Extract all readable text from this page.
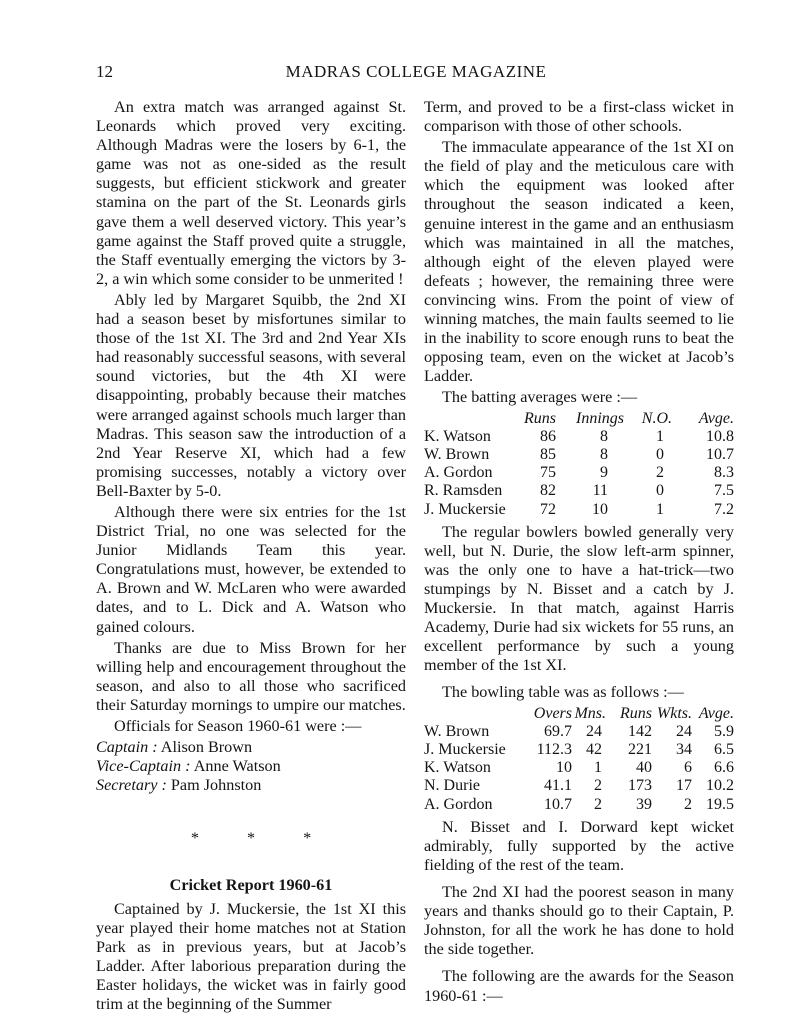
12	MADRAS COLLEGE MAGAZINE

An extra match was arranged against St. Leonards which proved very exciting. Although Madras were the losers by 6-1, the game was not as one-sided as the result suggests, but efficient stickwork and greater stamina on the part of the St. Leonards girls gave them a well deserved victory. This year’s game against the Staff proved quite a struggle, the Staff eventually emerging the victors by 3-2, a win which some consider to be unmerited !

Ably led by Margaret Squibb, the 2nd XI had a season beset by misfortunes similar to those of the 1st XI. The 3rd and 2nd Year XIs had reasonably successful seasons, with several sound victories, but the 4th XI were disappointing, probably because their matches were arranged against schools much larger than Madras. This season saw the introduction of a 2nd Year Reserve XI, which had a few promising successes, notably a victory over Bell-Baxter by 5-0.

Although there were six entries for the 1st District Trial, no one was selected for the Junior Midlands Team this year. Congratulations must, however, be extended to A. Brown and W. McLaren who were awarded dates, and to L. Dick and A. Watson who gained colours.

Thanks are due to Miss Brown for her willing help and encouragement throughout the season, and also to all those who sacrificed their Saturday mornings to umpire our matches.

Officials for Season 1960-61 were :—

Captain : Alison Brown
Vice-Captain : Anne Watson
Secretary : Pam Johnston
* * *
Cricket Report 1960-61

Captained by J. Muckersie, the 1st XI this year played their home matches not at Station Park as in previous years, but at Jacob’s Ladder. After laborious preparation during the Easter holidays, the wicket was in fairly good trim at the beginning of the Summer

Term, and proved to be a first-class wicket in comparison with those of other schools.

The immaculate appearance of the 1st XI on the field of play and the meticulous care with which the equipment was looked after throughout the season indicated a keen, genuine interest in the game and an enthusiasm which was maintained in all the matches, although eight of the eleven played were defeats ; however, the remaining three were convincing wins. From the point of view of winning matches, the main faults seemed to lie in the inability to score enough runs to beat the opposing team, even on the wicket at Jacob’s Ladder.

The batting averages were :—

	Runs	Innings	N.O.	Avge.
K. Watson	86	8	1	10.8
W. Brown	85	8	0	10.7
A. Gordon	75	9	2	8.3
R. Ramsden	82	11	0	7.5
J. Muckersie	72	10	1	7.2

The regular bowlers bowled generally very well, but N. Durie, the slow left-arm spinner, was the only one to have a hat-trick—two stumpings by N. Bisset and a catch by J. Muckersie. In that match, against Harris Academy, Durie had six wickets for 55 runs, an excellent performance by such a young member of the 1st XI.

The bowling table was as follows :—

	Overs	Mns.	Runs	Wkts.	Avge.
W. Brown	69.7	24	142	24	5.9
J. Muckersie	112.3	42	221	34	6.5
K. Watson	10	1	40	6	6.6
N. Durie	41.1	2	173	17	10.2
A. Gordon	10.7	2	39	2	19.5

N. Bisset and I. Dorward kept wicket admirably, fully supported by the active fielding of the rest of the team.

The 2nd XI had the poorest season in many years and thanks should go to their Captain, P. Johnston, for all the work he has done to hold the side together.

The following are the awards for the Season 1960-61 :—
